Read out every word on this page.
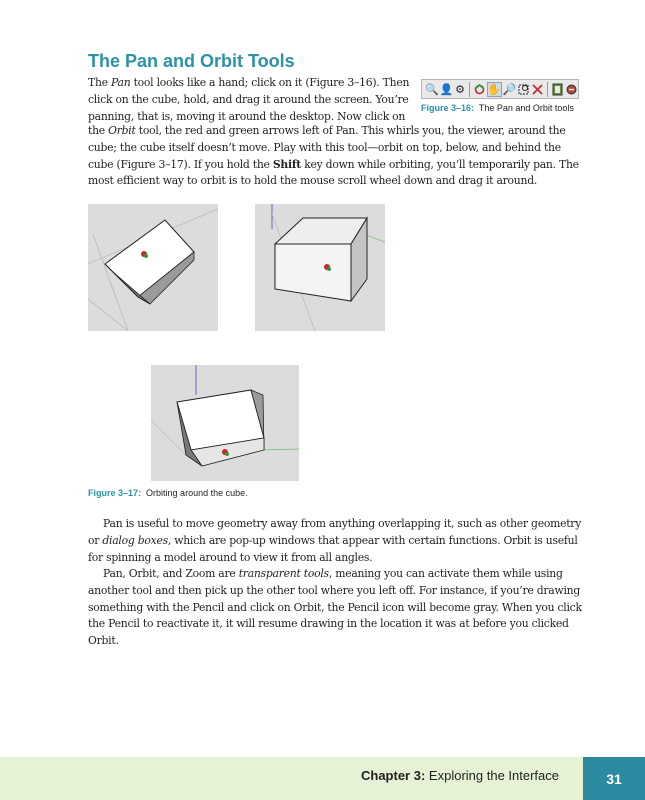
The Pan and Orbit Tools
The Pan tool looks like a hand; click on it (Figure 3–16). Then
click on the cube, hold, and drag it around the screen. You’re
panning, that is, moving it around the desktop. Now click on
🔍 👤 ⚙ ✋ 🔎
Figure 3–16: The Pan and Orbit tools
the Orbit tool, the red and green arrows left of Pan. This whirls you, the viewer, around the
cube; the cube itself doesn’t move. Play with this tool—orbit on top, below, and behind the
cube (Figure 3–17). If you hold the Shift key down while orbiting, you’ll temporarily pan. The
most efficient way to orbit is to hold the mouse scroll wheel down and drag it around.
Figure 3–17: Orbiting around the cube.
Pan is useful to move geometry away from anything overlapping it, such as other geometry
or dialog boxes, which are pop-up windows that appear with certain functions. Orbit is useful
for spinning a model around to view it from all angles.
Pan, Orbit, and Zoom are transparent tools, meaning you can activate them while using
another tool and then pick up the other tool where you left off. For instance, if you’re drawing
something with the Pencil and click on Orbit, the Pencil icon will become gray. When you click
the Pencil to reactivate it, it will resume drawing in the location it was at before you clicked
Orbit.
Chapter 3: Exploring the Interface	31
